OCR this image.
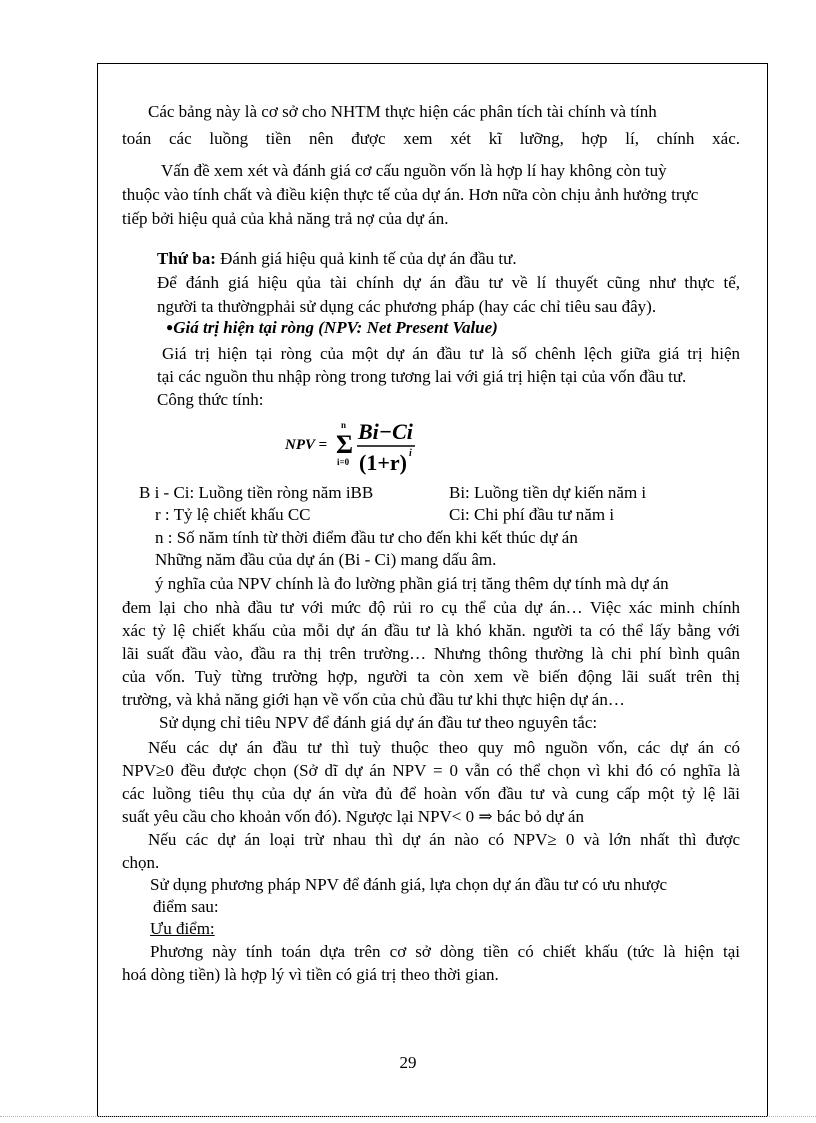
Các bảng này là cơ sở cho NHTM thực hiện các phân tích tài chính và tính
toán các luồng tiền nên được xem xét kĩ lưỡng, hợp lí, chính xác.
Vấn đề xem xét và đánh giá cơ cấu nguồn vốn là hợp lí hay không còn tuỳ
thuộc vào tính chất và điều kiện thực tế của dự án. Hơn nữa còn chịu ảnh hưởng trực
tiếp bởi hiệu quả của khả năng trả nợ của dự án.
Thứ ba: Đánh giá hiệu quả kinh tế của dự án đầu tư.
Để đánh giá hiệu qủa tài chính dự án đầu tư về lí thuyết cũng như thực tế,
người ta thườngphải sử dụng các phương pháp (hay các chỉ tiêu sau đây).
●Giá trị hiện tại ròng (NPV: Net Present Value)
Giá trị hiện tại ròng của một dự án đầu tư là số chênh lệch giữa giá trị hiện
tại các nguồn thu nhập ròng trong tương lai với giá trị hiện tại của vốn đầu tư.
Công thức tính:
NPV =
n
Σ
i=0
Bi−Ci
(1+r) i
B i - Ci: Luồng tiền ròng năm iBB	Bi: Luồng tiền dự kiến năm i
r : Tỷ lệ chiết khấu CC	Ci: Chi phí đầu tư năm i
n : Số năm tính từ thời điểm đầu tư cho đến khi kết thúc dự án
Những năm đầu của dự án (Bi - Ci) mang dấu âm.
ý nghĩa của NPV chính là đo lường phần giá trị tăng thêm dự tính mà dự án
đem lại cho nhà đầu tư với mức độ rủi ro cụ thể của dự án… Việc xác minh chính
xác tỷ lệ chiết khấu của mỗi dự án đầu tư là khó khăn. người ta có thể lấy bằng với
lãi suất đầu vào, đầu ra thị trên trường… Nhưng thông thường là chi phí bình quân
của vốn. Tuỳ từng trường hợp, người ta còn xem về biến động lãi suất trên thị
trường, và khả năng giới hạn về vốn của chủ đầu tư khi thực hiện dự án…
Sử dụng chỉ tiêu NPV để đánh giá dự án đầu tư theo nguyên tắc:
Nếu các dự án đầu tư thì tuỳ thuộc theo quy mô nguồn vốn, các dự án có
NPV≥0 đều được chọn (Sở dĩ dự án NPV = 0 vẫn có thể chọn vì khi đó có nghĩa là
các luồng tiêu thụ của dự án vừa đủ để hoàn vốn đầu tư và cung cấp một tỷ lệ lãi
suất yêu cầu cho khoản vốn đó). Ngược lại NPV< 0 ⇒ bác bỏ dự án
Nếu các dự án loại trừ nhau thì dự án nào có NPV≥ 0 và lớn nhất thì được
chọn.
Sử dụng phương pháp NPV để đánh giá, lựa chọn dự án đầu tư có ưu nhược
điểm sau:
Ưu điểm:
Phương này tính toán dựa trên cơ sở dòng tiền có chiết khấu (tức là hiện tại
hoá dòng tiền) là hợp lý vì tiền có giá trị theo thời gian.
29
